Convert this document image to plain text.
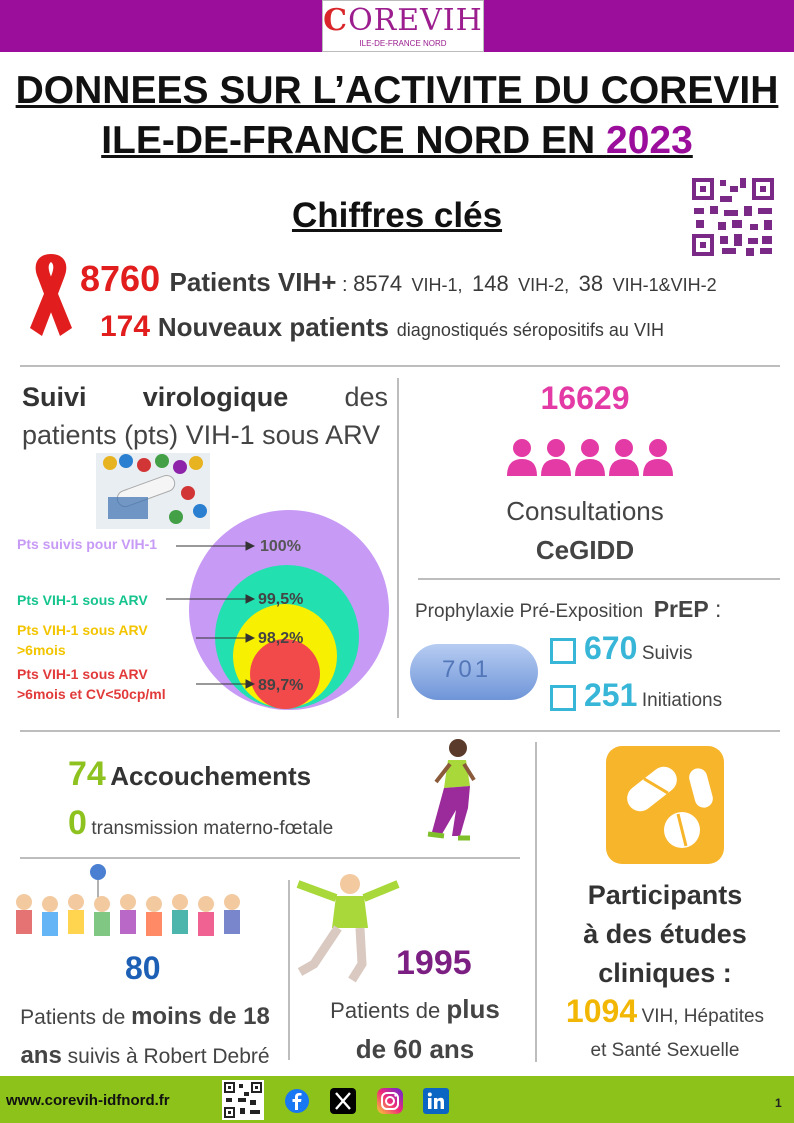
COREVIH
ILE-DE-FRANCE NORD
DONNEES SUR L’ACTIVITE DU COREVIH
ILE-DE-FRANCE NORD EN 2023
Chiffres clés
8760 Patients VIH+ : 8574 VIH-1, 148 VIH-2, 38 VIH-1&VIH-2
174 Nouveaux patients diagnostiqués séropositifs au VIH
Suivi virologique des patients (pts) VIH-1 sous ARV
Pts suivis pour VIH-1
Pts VIH-1 sous ARV
Pts VIH-1 sous ARV
>6mois
Pts VIH-1 sous ARV
>6mois et CV<50cp/ml
100%
99,5%
98,2%
89,7%
16629
Consultations
CeGIDD
Prophylaxie Pré-Exposition PrEP :
701
670 Suivis
251 Initiations
74 Accouchements
0 transmission materno-fœtale
Participants
à des études
cliniques :
1094 VIH, Hépatites
et Santé Sexuelle
80
Patients de moins de 18
ans suivis à Robert Debré
1995
Patients de plus
de 60 ans
www.corevih-idfnord.fr	1
